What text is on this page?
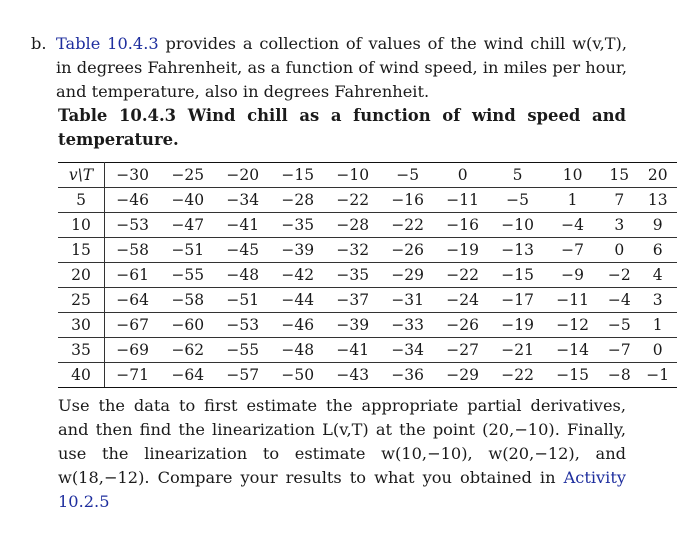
b. Table 10.4.3 provides a collection of values of the wind chill w(v,T), in degrees Fahrenheit, as a function of wind speed, in miles per hour, and temperature, also in degrees Fahrenheit.
Table 10.4.3 Wind chill as a function of wind speed and temperature.
v\T	−30	−25	−20	−15	−10	−5	0	5	10	15	20
5	−46	−40	−34	−28	−22	−16	−11	−5	1	7	13
10	−53	−47	−41	−35	−28	−22	−16	−10	−4	3	9
15	−58	−51	−45	−39	−32	−26	−19	−13	−7	0	6
20	−61	−55	−48	−42	−35	−29	−22	−15	−9	−2	4
25	−64	−58	−51	−44	−37	−31	−24	−17	−11	−4	3
30	−67	−60	−53	−46	−39	−33	−26	−19	−12	−5	1
35	−69	−62	−55	−48	−41	−34	−27	−21	−14	−7	0
40	−71	−64	−57	−50	−43	−36	−29	−22	−15	−8	−1
Use the data to first estimate the appropriate partial derivatives, and then find the linearization L(v,T) at the point (20,−10). Finally, use the linearization to estimate w(10,−10), w(20,−12), and w(18,−12). Compare your results to what you obtained in Activity 10.2.5
